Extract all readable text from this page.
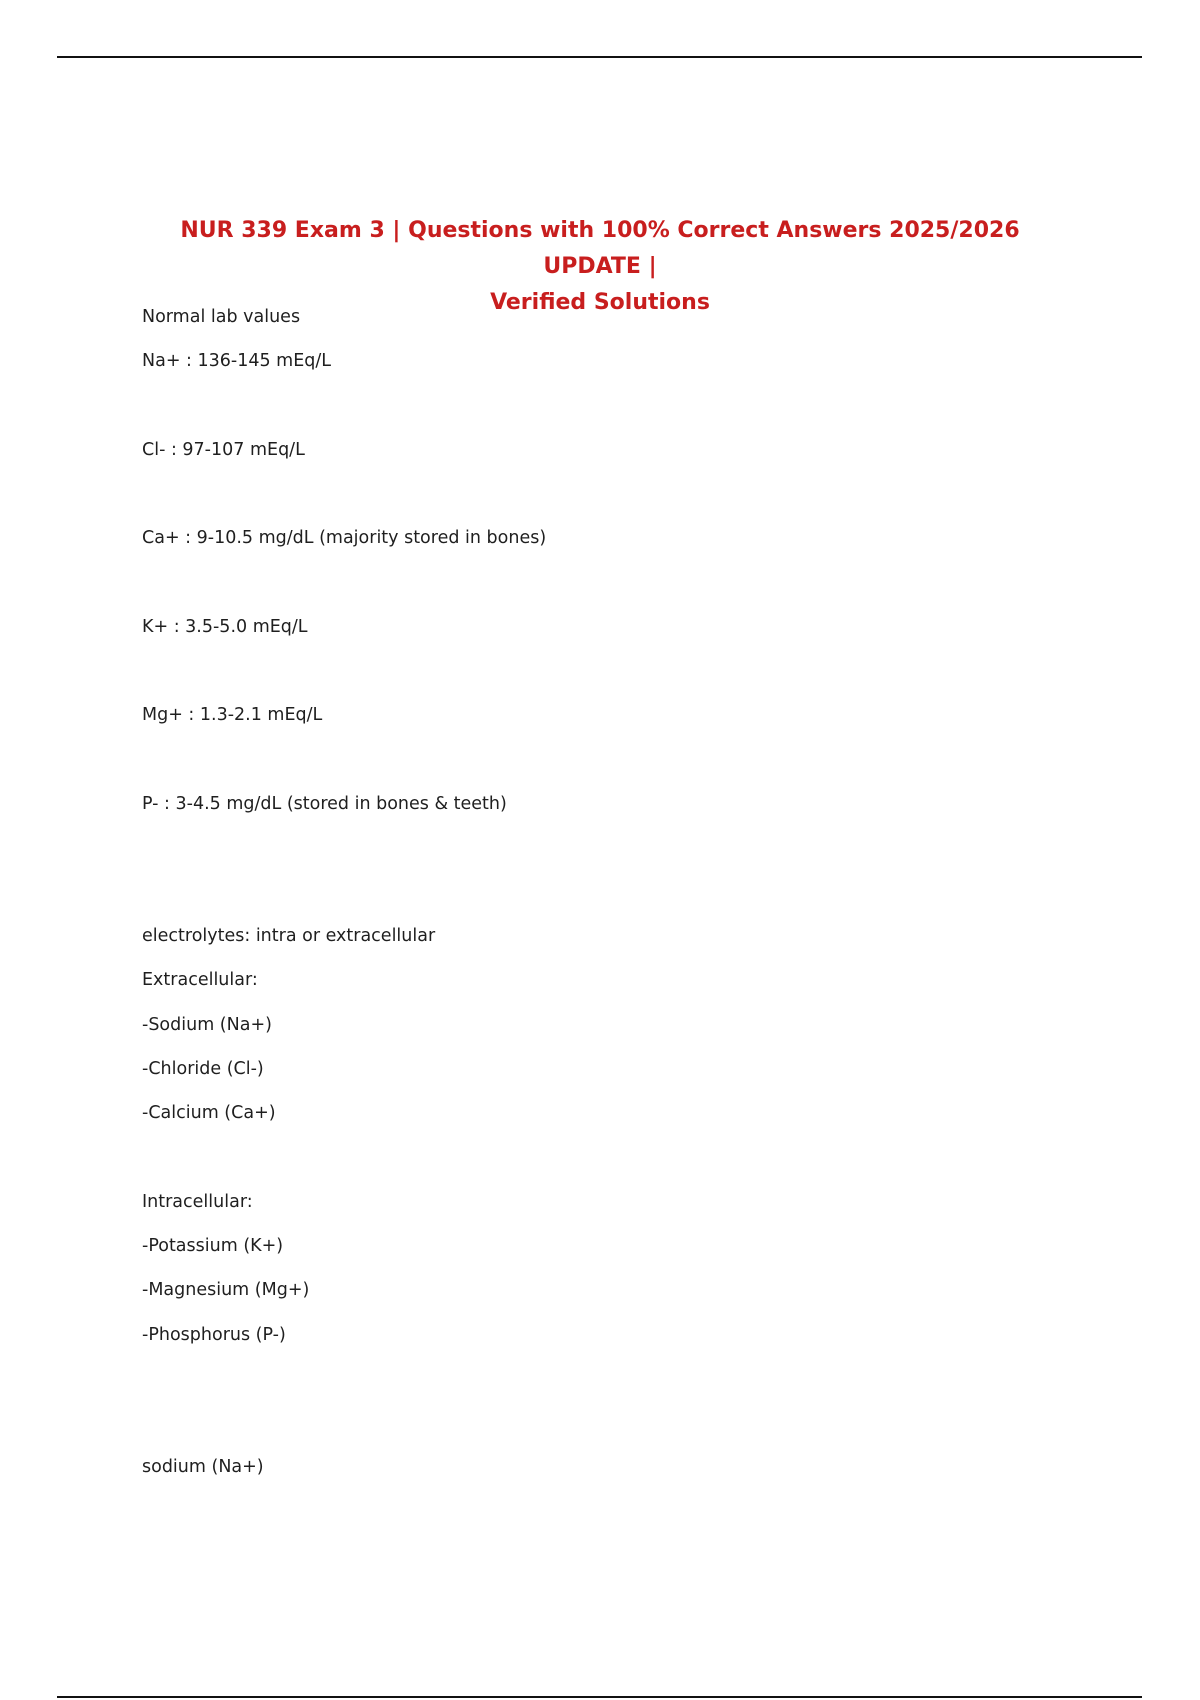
NUR 339 Exam 3 | Questions with 100% Correct Answers 2025/2026 UPDATE |
Verified Solutions
Normal lab values
Na+ : 136-145 mEq/L
Cl- : 97-107 mEq/L
Ca+ : 9-10.5 mg/dL (majority stored in bones)
K+ : 3.5-5.0 mEq/L
Mg+ : 1.3-2.1 mEq/L
P- : 3-4.5 mg/dL (stored in bones & teeth)
electrolytes: intra or extracellular
Extracellular:
-Sodium (Na+)
-Chloride (Cl-)
-Calcium (Ca+)
Intracellular:
-Potassium (K+)
-Magnesium (Mg+)
-Phosphorus (P-)
sodium (Na+)
